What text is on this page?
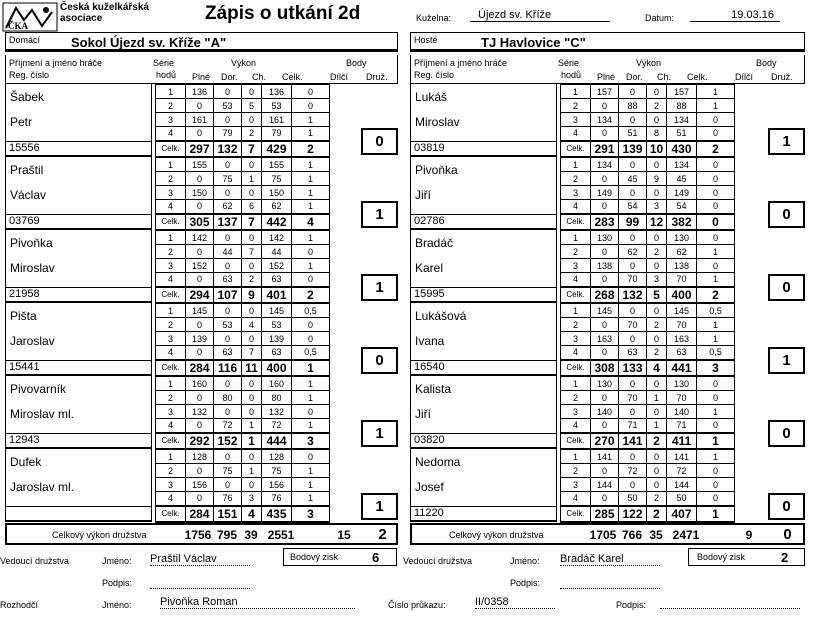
ČKA
Česká kuželkářská
asociace	Zápis o utkání 2d	Kuželna:	Újezd sv. Kříže	Datum:	19.03.16
Domácí Sokol Újezd sv. Kříže "A"	Hosté	TJ Havlovice "C"
Příjmení a jméno hráče
Reg. číslo
Série
hodů
Výkon
Plné Dor. Ch. Celk.
Body
Dílčí Druž.
Příjmení a jméno hráče
Reg. číslo
Série
hodů
Výkon
Plné Dor. Ch. Celk.
Body
Dílčí Druž.
Šabek
Petr
15556
1	136	0	0	136	0
2	0	53	5	53	0
3	161	0	0	161	1
4	0	79	2	79	1
Celk.	297	132	7	429	2	0
Praštil
Václav
03769
1	155	0	0	155	1
2	0	75	1	75	1
3	150	0	0	150	1
4	0	62	6	62	1
Celk.	305	137	7	442	4	1
Pivoňka
Miroslav
21958
1	142	0	0	142	1
2	0	44	7	44	0
3	152	0	0	152	1
4	0	63	2	63	0
Celk.	294	107	9	401	2	1
Pišta
Jaroslav
15441
1	145	0	0	145	0,5
2	0	53	4	53	0
3	139	0	0	139	0
4	0	63	7	63	0,5
Celk.	284	116	11	400	1	0
Pivovarník
Miroslav ml.
12943
1	160	0	0	160	1
2	0	80	0	80	1
3	132	0	0	132	0
4	0	72	1	72	1
Celk.	292	152	1	444	3	1
Dufek
Jaroslav ml.
1	128	0	0	128	0
2	0	75	1	75	1
3	156	0	0	156	1
4	0	76	3	76	1
Celk.	284	151	4	435	3	1
Lukáš
Miroslav
03819
1	157	0	0	157	1
2	0	88	2	88	1
3	134	0	0	134	0
4	0	51	8	51	0
Celk.	291	139	10	430	2	1
Pivoňka
Jiří
02786
1	134	0	0	134	0
2	0	45	9	45	0
3	149	0	0	149	0
4	0	54	3	54	0
Celk.	283	99	12	382	0	0
Bradáč
Karel
15995
1	130	0	0	130	0
2	0	62	2	62	1
3	138	0	0	138	0
4	0	70	3	70	1
Celk.	268	132	5	400	2	0
Lukášová
Ivana
16540
1	145	0	0	145	0,5
2	0	70	2	70	1
3	163	0	0	163	1
4	0	63	2	63	0,5
Celk.	308	133	4	441	3	1
Kalista
Jiří
03820
1	130	0	0	130	0
2	0	70	1	70	0
3	140	0	0	140	1
4	0	71	1	71	0
Celk.	270	141	2	411	1	0
Nedoma
Josef
11220
1	141	0	0	141	1
2	0	72	0	72	0
3	144	0	0	144	0
4	0	50	2	50	0
Celk.	285	122	2	407	1	0
Celkový výkon družstva	1756 795 39 2551	15	2	Celkový výkon družstva	1705 766 35 2471	9	0
Vedoucí družstva	Jméno: Praštil Václav	Bodový zisk	6
Podpis:
Vedoucí družstva	Jméno: Bradáč Karel	Bodový zisk	2
Podpis:
Rozhodčí	Jméno:	Pivoňka Roman	Číslo průkazu:	II/0358	Podpis:
